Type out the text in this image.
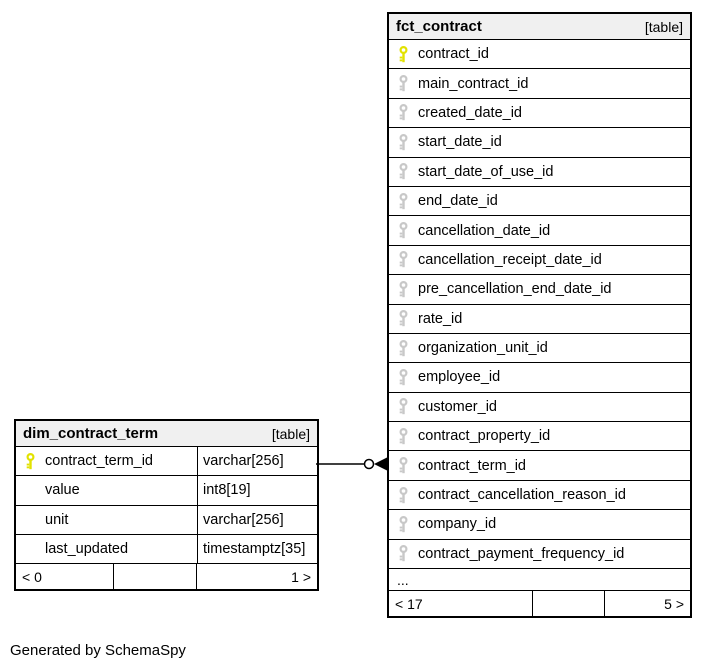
fct_contract	[table]
contract_id
main_contract_id
created_date_id
start_date_id
start_date_of_use_id
end_date_id
cancellation_date_id
cancellation_receipt_date_id
pre_cancellation_end_date_id
rate_id
organization_unit_id
employee_id
customer_id
contract_property_id
contract_term_id
contract_cancellation_reason_id
company_id
contract_payment_frequency_id
...
< 17	5 >
dim_contract_term	[table]
contract_term_id	varchar[256]
value	int8[19]
unit	varchar[256]
last_updated	timestamptz[35]
< 0	1 >
Generated by SchemaSpy
